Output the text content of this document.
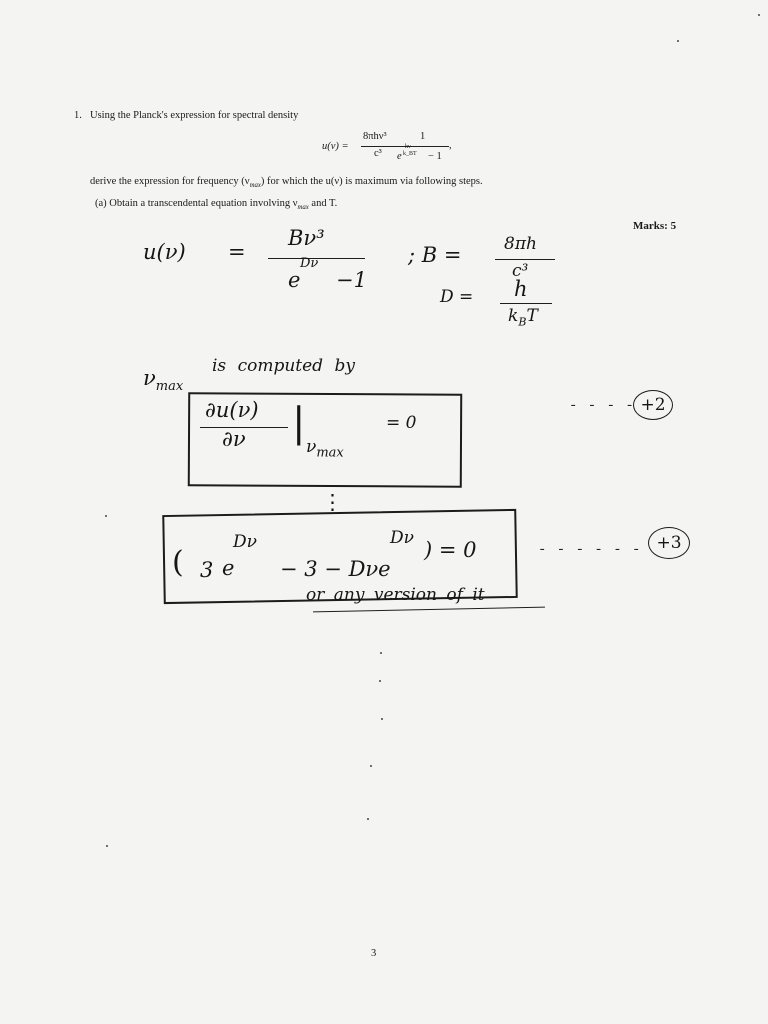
1. Using the Planck's expression for spectral density
u(ν) =
8πhν³
c³
1
e
hν
k_BT − 1
,
derive the expression for frequency $(\nu_{max})$ for which the u(ν) is maximum via following steps.
(a) Obtain a transcendental equation involving $\nu_{max}$ and T.
Marks: 5
u(ν) =
Bν³
e
Dν
−1
; B =	8πh
c³
D = h
$k_BT$
$\nu_{max}$
is computed by
∂u(ν)
∂ν |
$\nu_{max}$
= 0
- - - - +2
⋮
( 3 e
Dν
− 3 − Dνe
Dν ) = 0	- - - - - - +3
or any version of it
3
